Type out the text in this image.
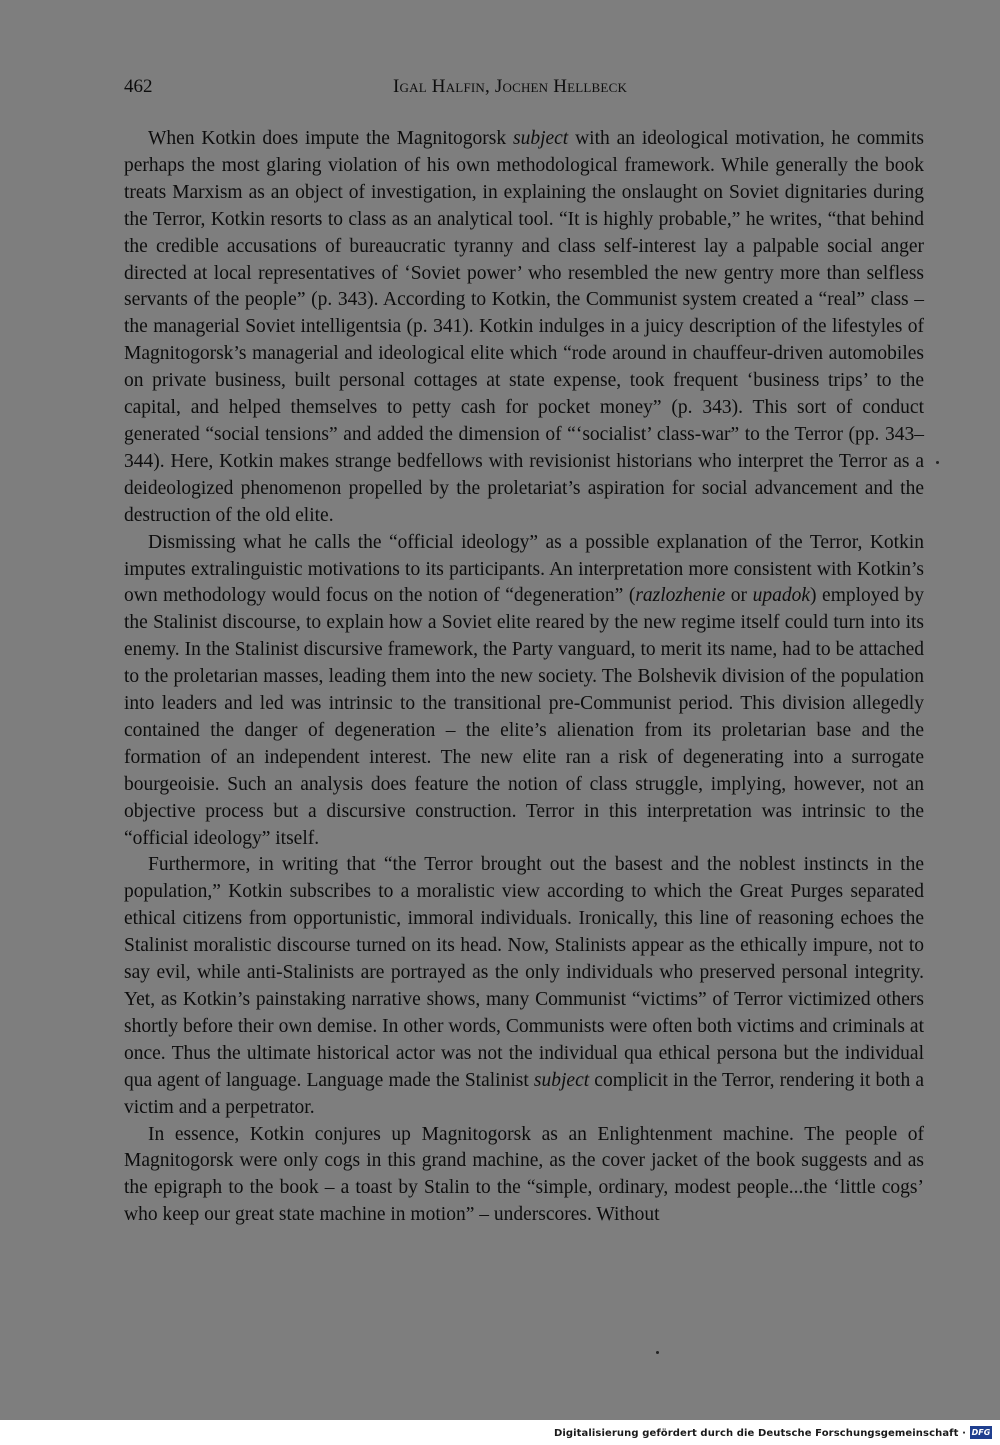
462	Igal Halfin, Jochen Hellbeck

When Kotkin does impute the Magnitogorsk subject with an ideological motivation, he commits perhaps the most glaring violation of his own methodological framework. While generally the book treats Marxism as an object of investigation, in explaining the onslaught on Soviet dignitaries during the Terror, Kotkin resorts to class as an analytical tool. “It is highly probable,” he writes, “that behind the credible accusations of bureaucratic tyranny and class self-interest lay a palpable social anger directed at local representatives of ‘Soviet power’ who resembled the new gentry more than selfless servants of the people” (p. 343). According to Kotkin, the Communist system created a “real” class – the managerial Soviet intelligentsia (p. 341). Kotkin indulges in a juicy description of the lifestyles of Magnitogorsk’s managerial and ideological elite which “rode around in chauffeur-driven automobiles on private business, built personal cottages at state expense, took frequent ‘business trips’ to the capital, and helped themselves to petty cash for pocket money” (p. 343). This sort of conduct generated “social tensions” and added the dimension of “‘socialist’ class-war” to the Terror (pp. 343–344). Here, Kotkin makes strange bedfellows with revisionist historians who interpret the Terror as a deideologized phenomenon propelled by the proletariat’s aspiration for social advancement and the destruction of the old elite.

Dismissing what he calls the “official ideology” as a possible explanation of the Terror, Kotkin imputes extralinguistic motivations to its participants. An interpretation more consistent with Kotkin’s own methodology would focus on the notion of “degeneration” (razlozhenie or upadok) employed by the Stalinist discourse, to explain how a Soviet elite reared by the new regime itself could turn into its enemy. In the Stalinist discursive framework, the Party vanguard, to merit its name, had to be attached to the proletarian masses, leading them into the new society. The Bolshevik division of the population into leaders and led was intrinsic to the transitional pre-Communist period. This division allegedly contained the danger of degeneration – the elite’s alienation from its proletarian base and the formation of an independent interest. The new elite ran a risk of degenerating into a surrogate bourgeoisie. Such an analysis does feature the notion of class struggle, implying, however, not an objective process but a discursive construction. Terror in this interpretation was intrinsic to the “official ideology” itself.

Furthermore, in writing that “the Terror brought out the basest and the noblest instincts in the population,” Kotkin subscribes to a moralistic view according to which the Great Purges separated ethical citizens from opportunistic, immoral individuals. Ironically, this line of reasoning echoes the Stalinist moralistic discourse turned on its head. Now, Stalinists appear as the ethically impure, not to say evil, while anti-Stalinists are portrayed as the only individuals who preserved personal integrity. Yet, as Kotkin’s painstaking narrative shows, many Communist “victims” of Terror victimized others shortly before their own demise. In other words, Communists were often both victims and criminals at once. Thus the ultimate historical actor was not the individual qua ethical persona but the individual qua agent of language. Language made the Stalinist subject complicit in the Terror, rendering it both a victim and a perpetrator.

In essence, Kotkin conjures up Magnitogorsk as an Enlightenment machine. The people of Magnitogorsk were only cogs in this grand machine, as the cover jacket of the book suggests and as the epigraph to the book – a toast by Stalin to the “simple, ordinary, modest people...the ‘little cogs’ who keep our great state machine in motion” – underscores. Without

Digitalisierung gefördert durch die Deutsche Forschungsgemeinschaft · DFG
